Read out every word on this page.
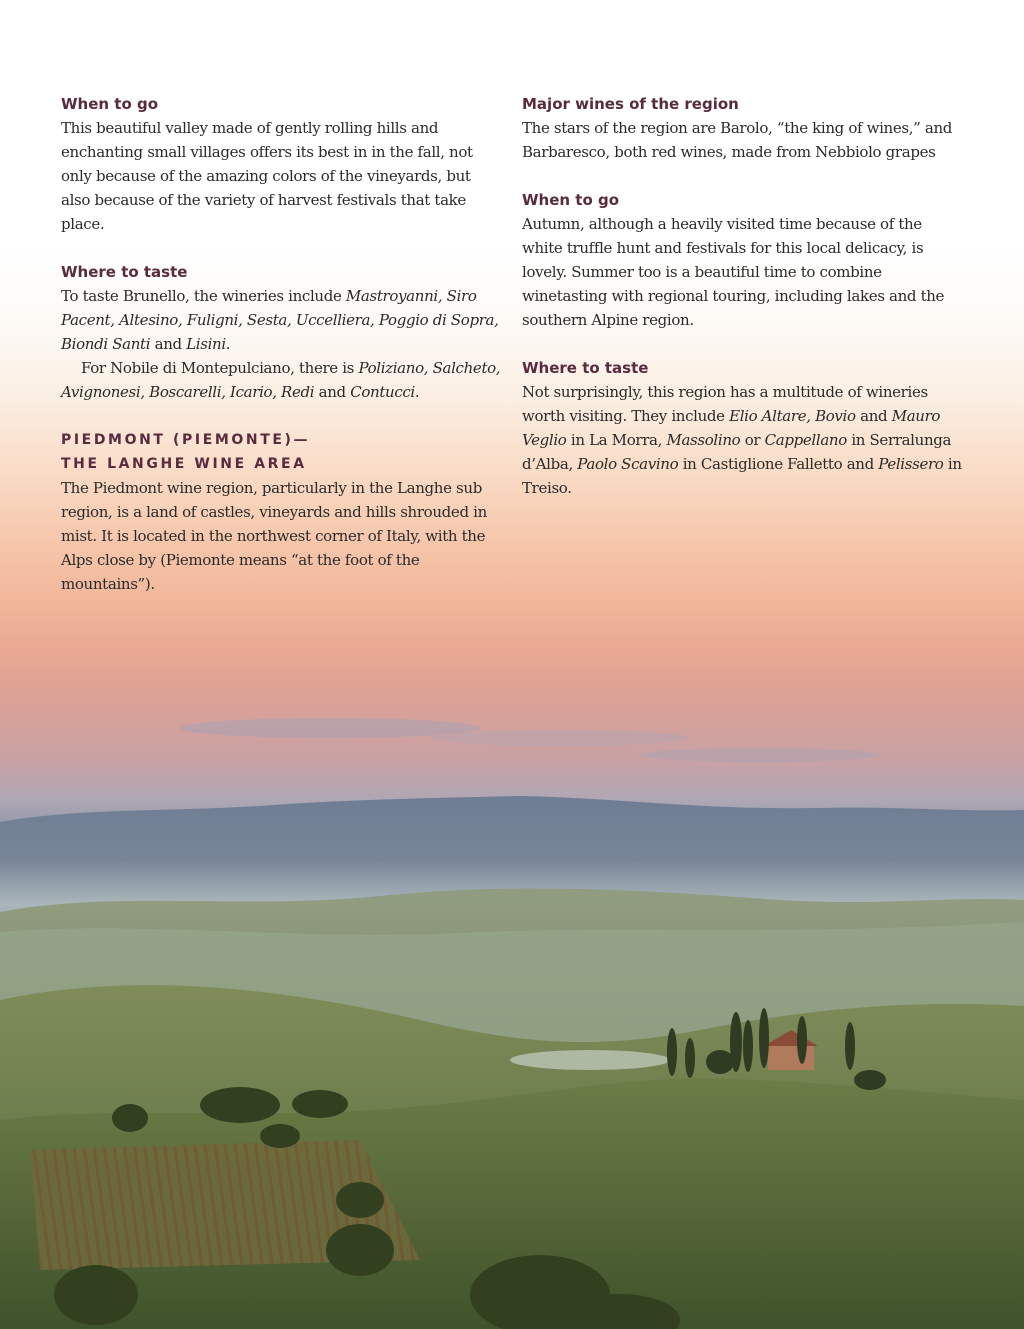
When to go

This beautiful valley made of gently rolling hills and enchanting small villages offers its best in in the fall, not only because of the amazing colors of the vineyards, but also because of the variety of harvest festivals that take place.

Where to taste

To taste Brunello, the wineries include Mastroyanni, Siro Pacent, Altesino, Fuligni, Sesta, Uccelliera, Poggio di Sopra, Biondi Santi and Lisini.

For Nobile di Montepulciano, there is Poliziano, Salcheto, Avignonesi, Boscarelli, Icario, Redi and Contucci.

PIEDMONT (PIEMONTE)—

THE LANGHE WINE AREA

The Piedmont wine region, particularly in the Langhe sub region, is a land of castles, vineyards and hills shrouded in mist. It is located in the northwest corner of Italy, with the Alps close by (Piemonte means “at the foot of the mountains”).

Major wines of the region

The stars of the region are Barolo, “the king of wines,” and Barbaresco, both red wines, made from Nebbiolo grapes

When to go

Autumn, although a heavily visited time because of the white truffle hunt and festivals for this local delicacy, is lovely. Summer too is a beautiful time to combine winetasting with regional touring, including lakes and the southern Alpine region.

Where to taste

Not surprisingly, this region has a multitude of wineries worth visiting. They include Elio Altare, Bovio and Mauro Veglio in La Morra, Massolino or Cappellano in Serralunga d’Alba, Paolo Scavino in Castiglione Falletto and Pelissero in Treiso.
